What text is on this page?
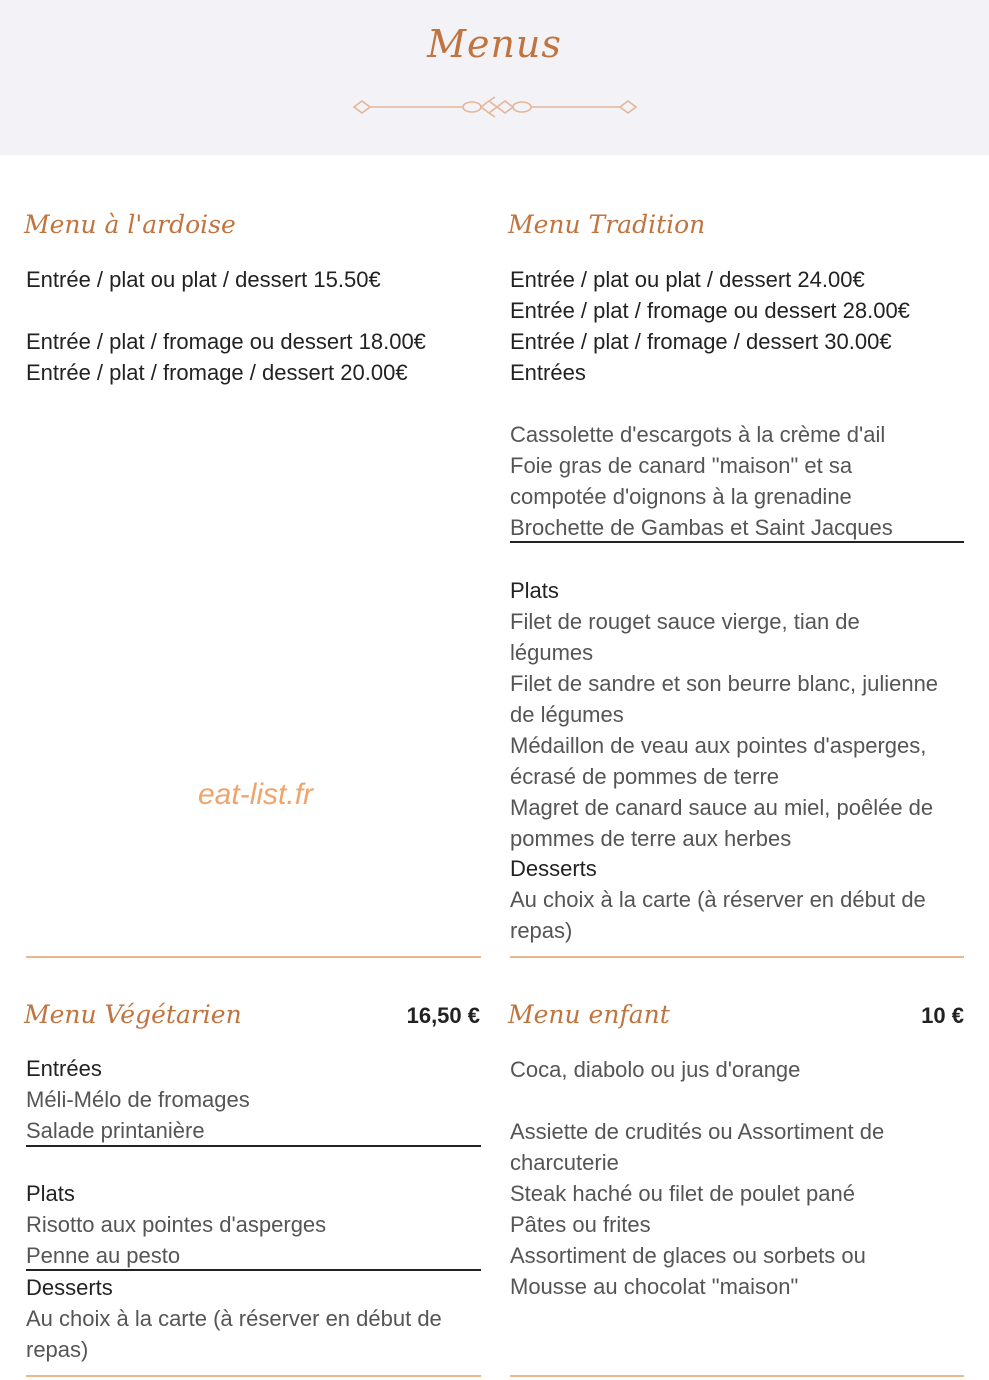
Menus
Menu à l'ardoise
Entrée / plat ou plat / dessert 15.50€
Entrée / plat / fromage ou dessert 18.00€
Entrée / plat / fromage / dessert 20.00€
eat-list.fr
Menu Tradition
Entrée / plat ou plat / dessert 24.00€
Entrée / plat / fromage ou dessert 28.00€
Entrée / plat / fromage / dessert 30.00€
Entrées
Cassolette d'escargots à la crème d'ail
Foie gras de canard "maison" et sa
compotée d'oignons à la grenadine
Brochette de Gambas et Saint Jacques
Plats
Filet de rouget sauce vierge, tian de
légumes
Filet de sandre et son beurre blanc, julienne
de légumes
Médaillon de veau aux pointes d'asperges,
écrasé de pommes de terre
Magret de canard sauce au miel, poêlée de
pommes de terre aux herbes
Desserts
Au choix à la carte (à réserver en début de
repas)
Menu Végétarien	16,50 €
Entrées
Méli-Mélo de fromages
Salade printanière
Plats
Risotto aux pointes d'asperges
Penne au pesto
Desserts
Au choix à la carte (à réserver en début de
repas)
Menu enfant	10 €
Coca, diabolo ou jus d'orange
Assiette de crudités ou Assortiment de
charcuterie
Steak haché ou filet de poulet pané
Pâtes ou frites
Assortiment de glaces ou sorbets ou
Mousse au chocolat "maison"
